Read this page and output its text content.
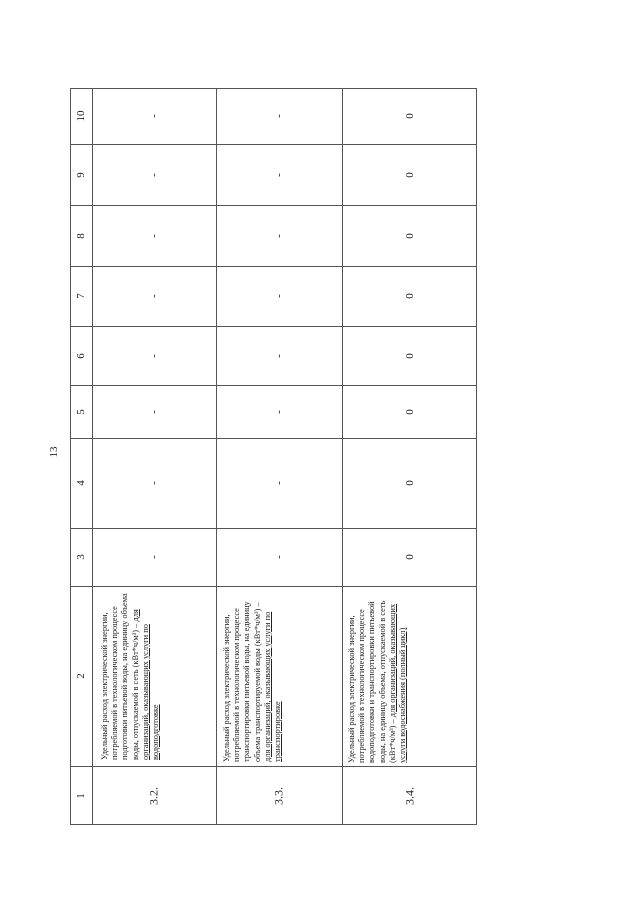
13
1
2
3
4
5
6
7
8
9
10
3.2.
Удельный расход электрической энергии, потребляемой в технологическом процессе подготовки питьевой воды, на единицу объема воды, отпускаемой в сеть (кВт*ч/м³) – для организаций, оказывающих услуги по водоподготовке
-
-
-
-
-
-
-
-
3.3.
Удельный расход электрической энергии, потребляемой в технологическом процессе транспортировки питьевой воды, на единицу объема транспортируемой воды (кВт*ч/м³) – для организаций, оказывающих услуги по транспортировке
-
-
-
-
-
-
-
-
3.4.
Удельный расход электрической энергии, потребляемой в технологическом процессе водоподготовки и транспортировки питьевой воды, на единицу объема, отпускаемой в сеть (кВт*ч/м³) – для организаций, оказывающих услуги водоснабжения (полный цикл)
0
0
0
0
0
0
0
0
